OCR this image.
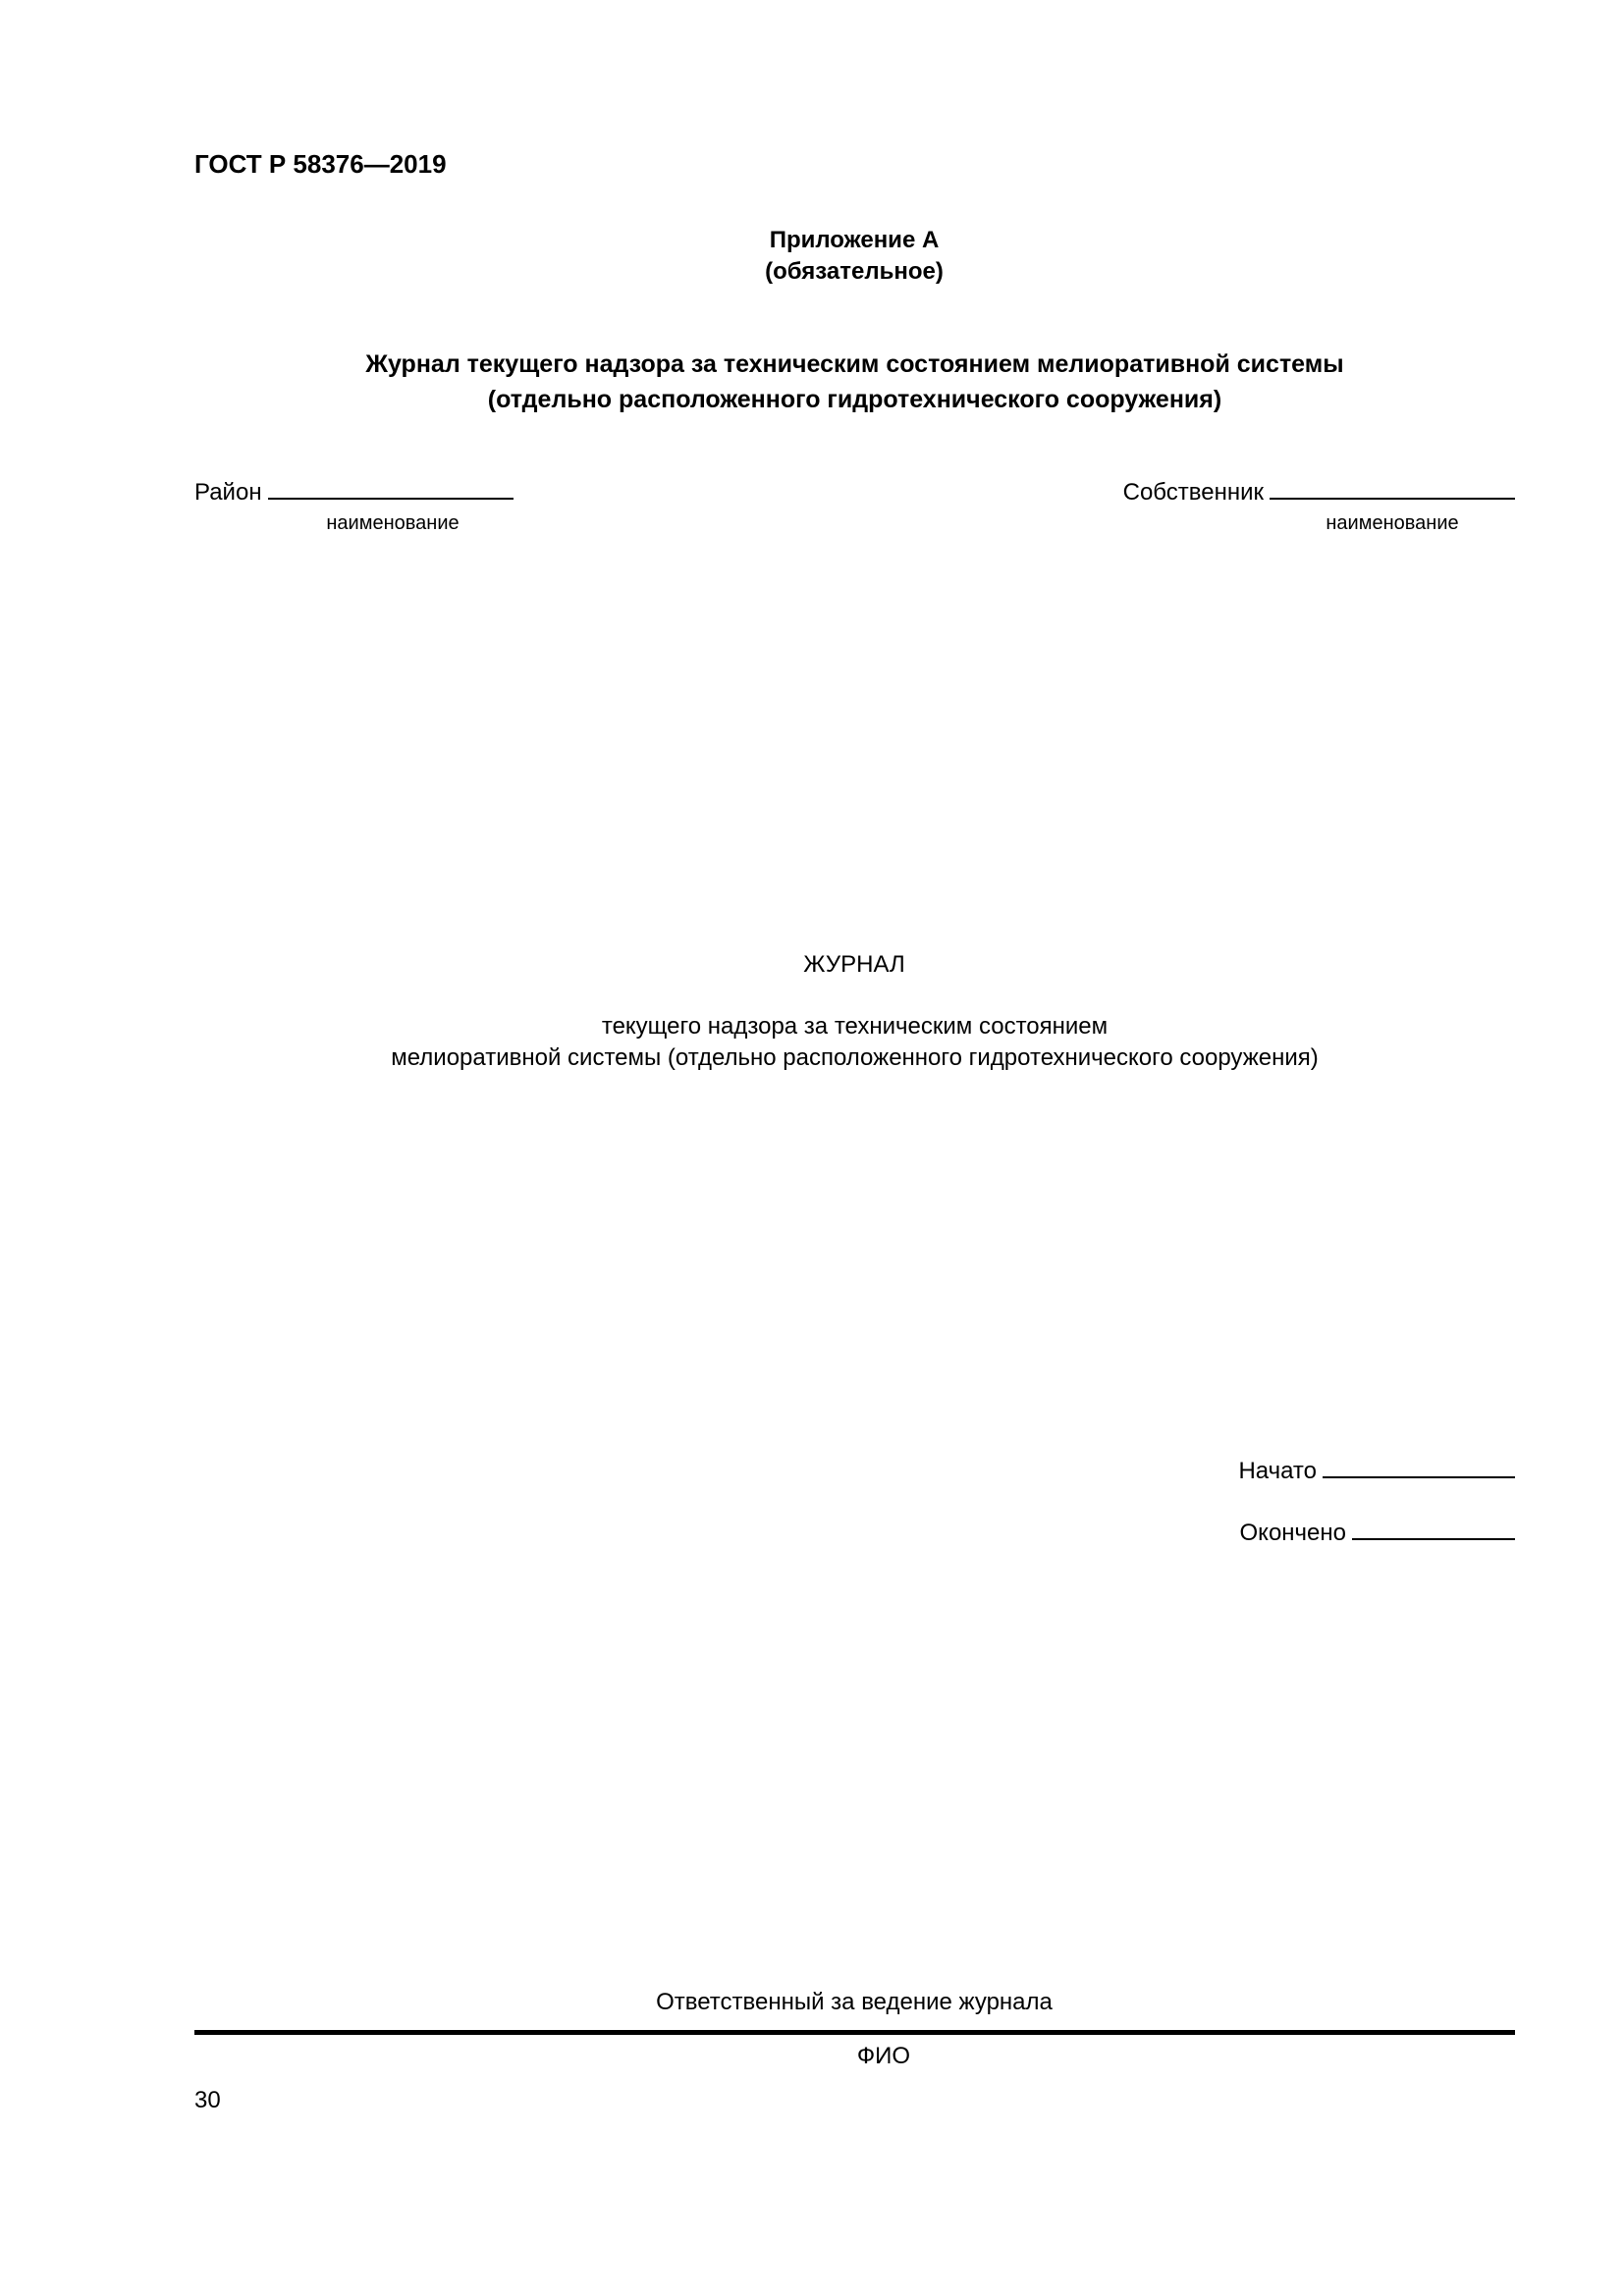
ГОСТ Р 58376—2019
Приложение А
(обязательное)
Журнал текущего надзора за техническим состоянием мелиоративной системы
(отдельно расположенного гидротехнического сооружения)
Район
наименование
Собственник
наименование
ЖУРНАЛ
текущего надзора за техническим состоянием
мелиоративной системы (отдельно расположенного гидротехнического сооружения)
Начато
Окончено
Ответственный за ведение журнала
ФИО
30
